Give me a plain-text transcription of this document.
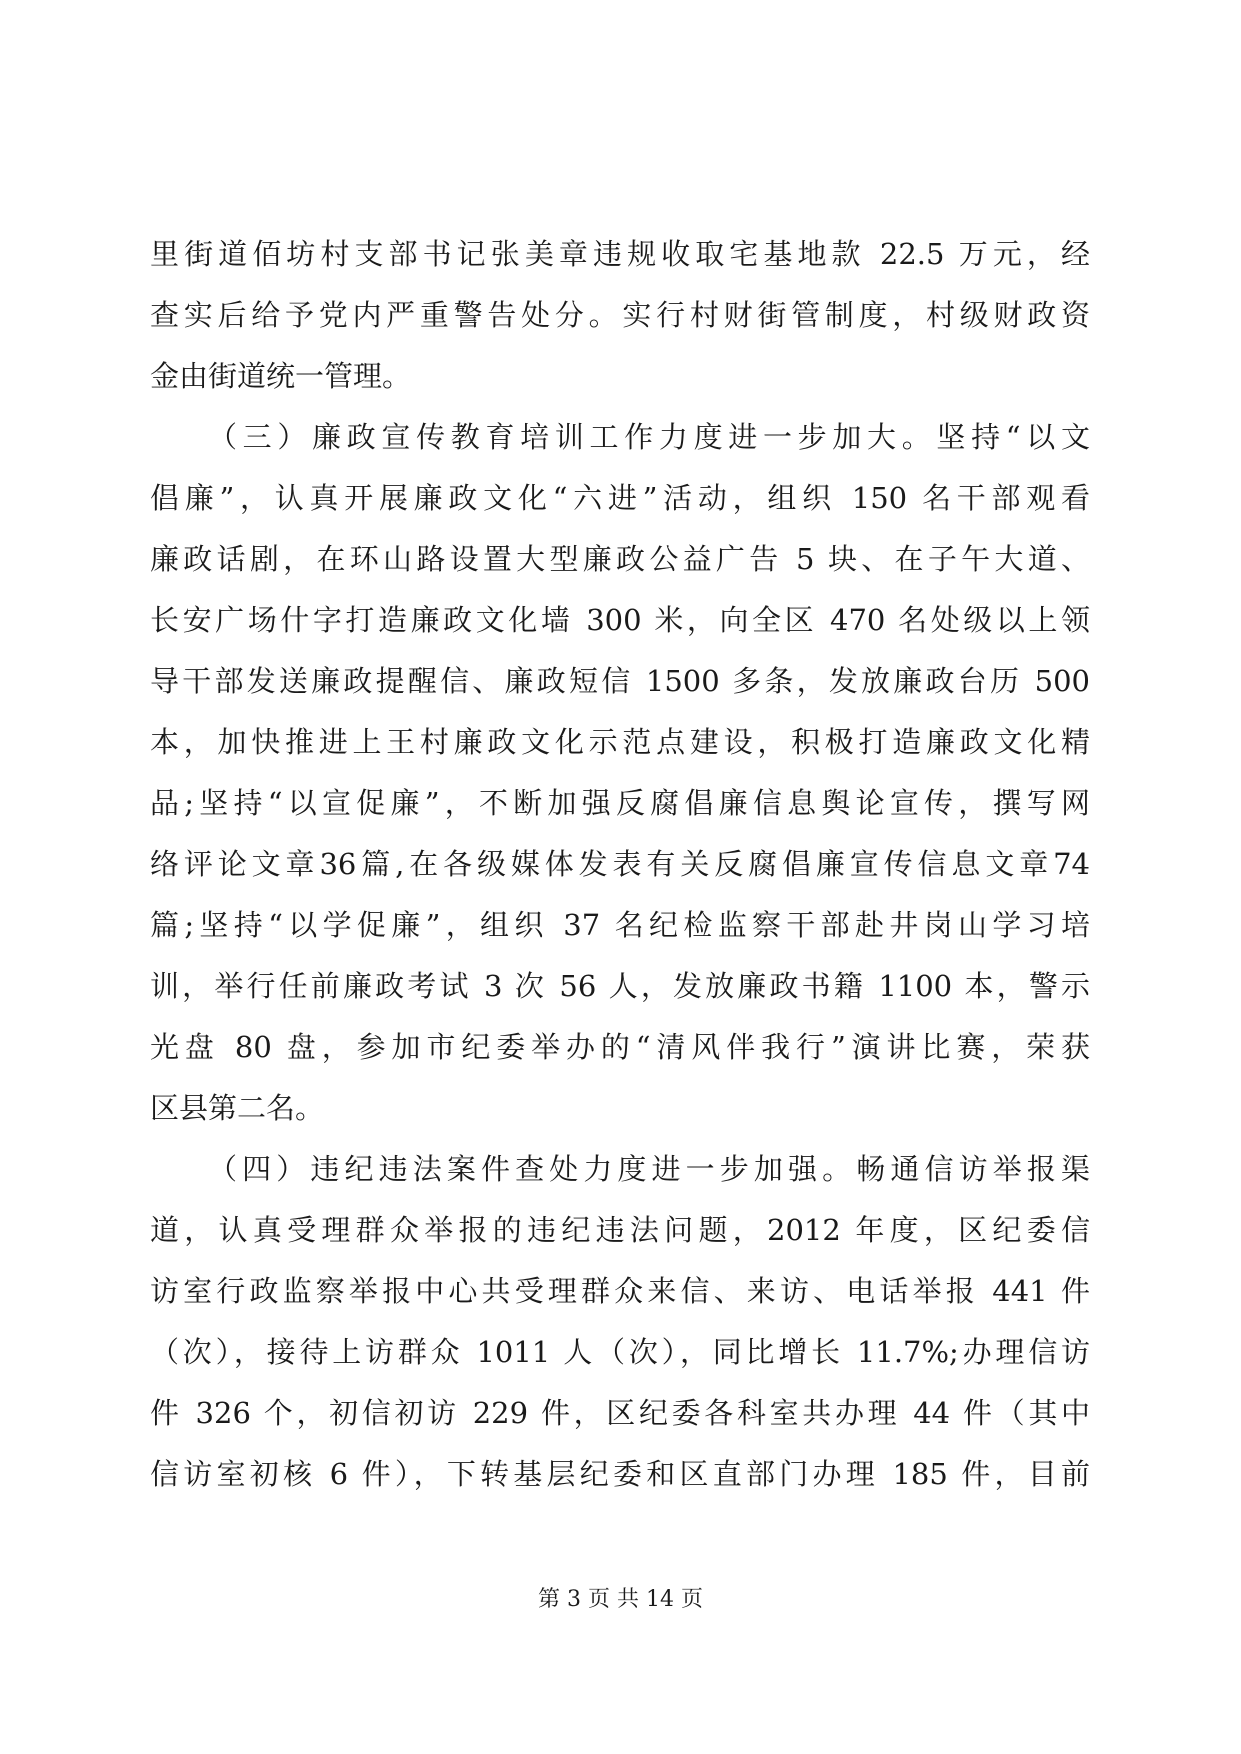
里街道佰坊村支部书记张美章违规收取宅基地款 22.5 万元，经
查实后给予党内严重警告处分。实行村财街管制度，村级财政资
金由街道统一管理。
（三）廉政宣传教育培训工作力度进一步加大。坚持“以文
倡廉”，认真开展廉政文化“六进”活动，组织 150 名干部观看
廉政话剧，在环山路设置大型廉政公益广告 5 块、在子午大道、
长安广场什字打造廉政文化墙 300 米，向全区 470 名处级以上领
导干部发送廉政提醒信、廉政短信 1500 多条，发放廉政台历 500
本，加快推进上王村廉政文化示范点建设，积极打造廉政文化精
品;坚持“以宣促廉”，不断加强反腐倡廉信息舆论宣传，撰写网
络评论文章36篇,在各级媒体发表有关反腐倡廉宣传信息文章74
篇;坚持“以学促廉”，组织 37 名纪检监察干部赴井岗山学习培
训，举行任前廉政考试 3 次 56 人，发放廉政书籍 1100 本，警示
光盘 80 盘，参加市纪委举办的“清风伴我行”演讲比赛，荣获
区县第二名。
（四）违纪违法案件查处力度进一步加强。畅通信访举报渠
道，认真受理群众举报的违纪违法问题，2012 年度，区纪委信
访室行政监察举报中心共受理群众来信、来访、电话举报 441 件
（次），接待上访群众 1011 人（次），同比增长 11.7%;办理信访
件 326 个，初信初访 229 件，区纪委各科室共办理 44 件（其中
信访室初核 6 件），下转基层纪委和区直部门办理 185 件，目前
第 3 页 共 14 页
